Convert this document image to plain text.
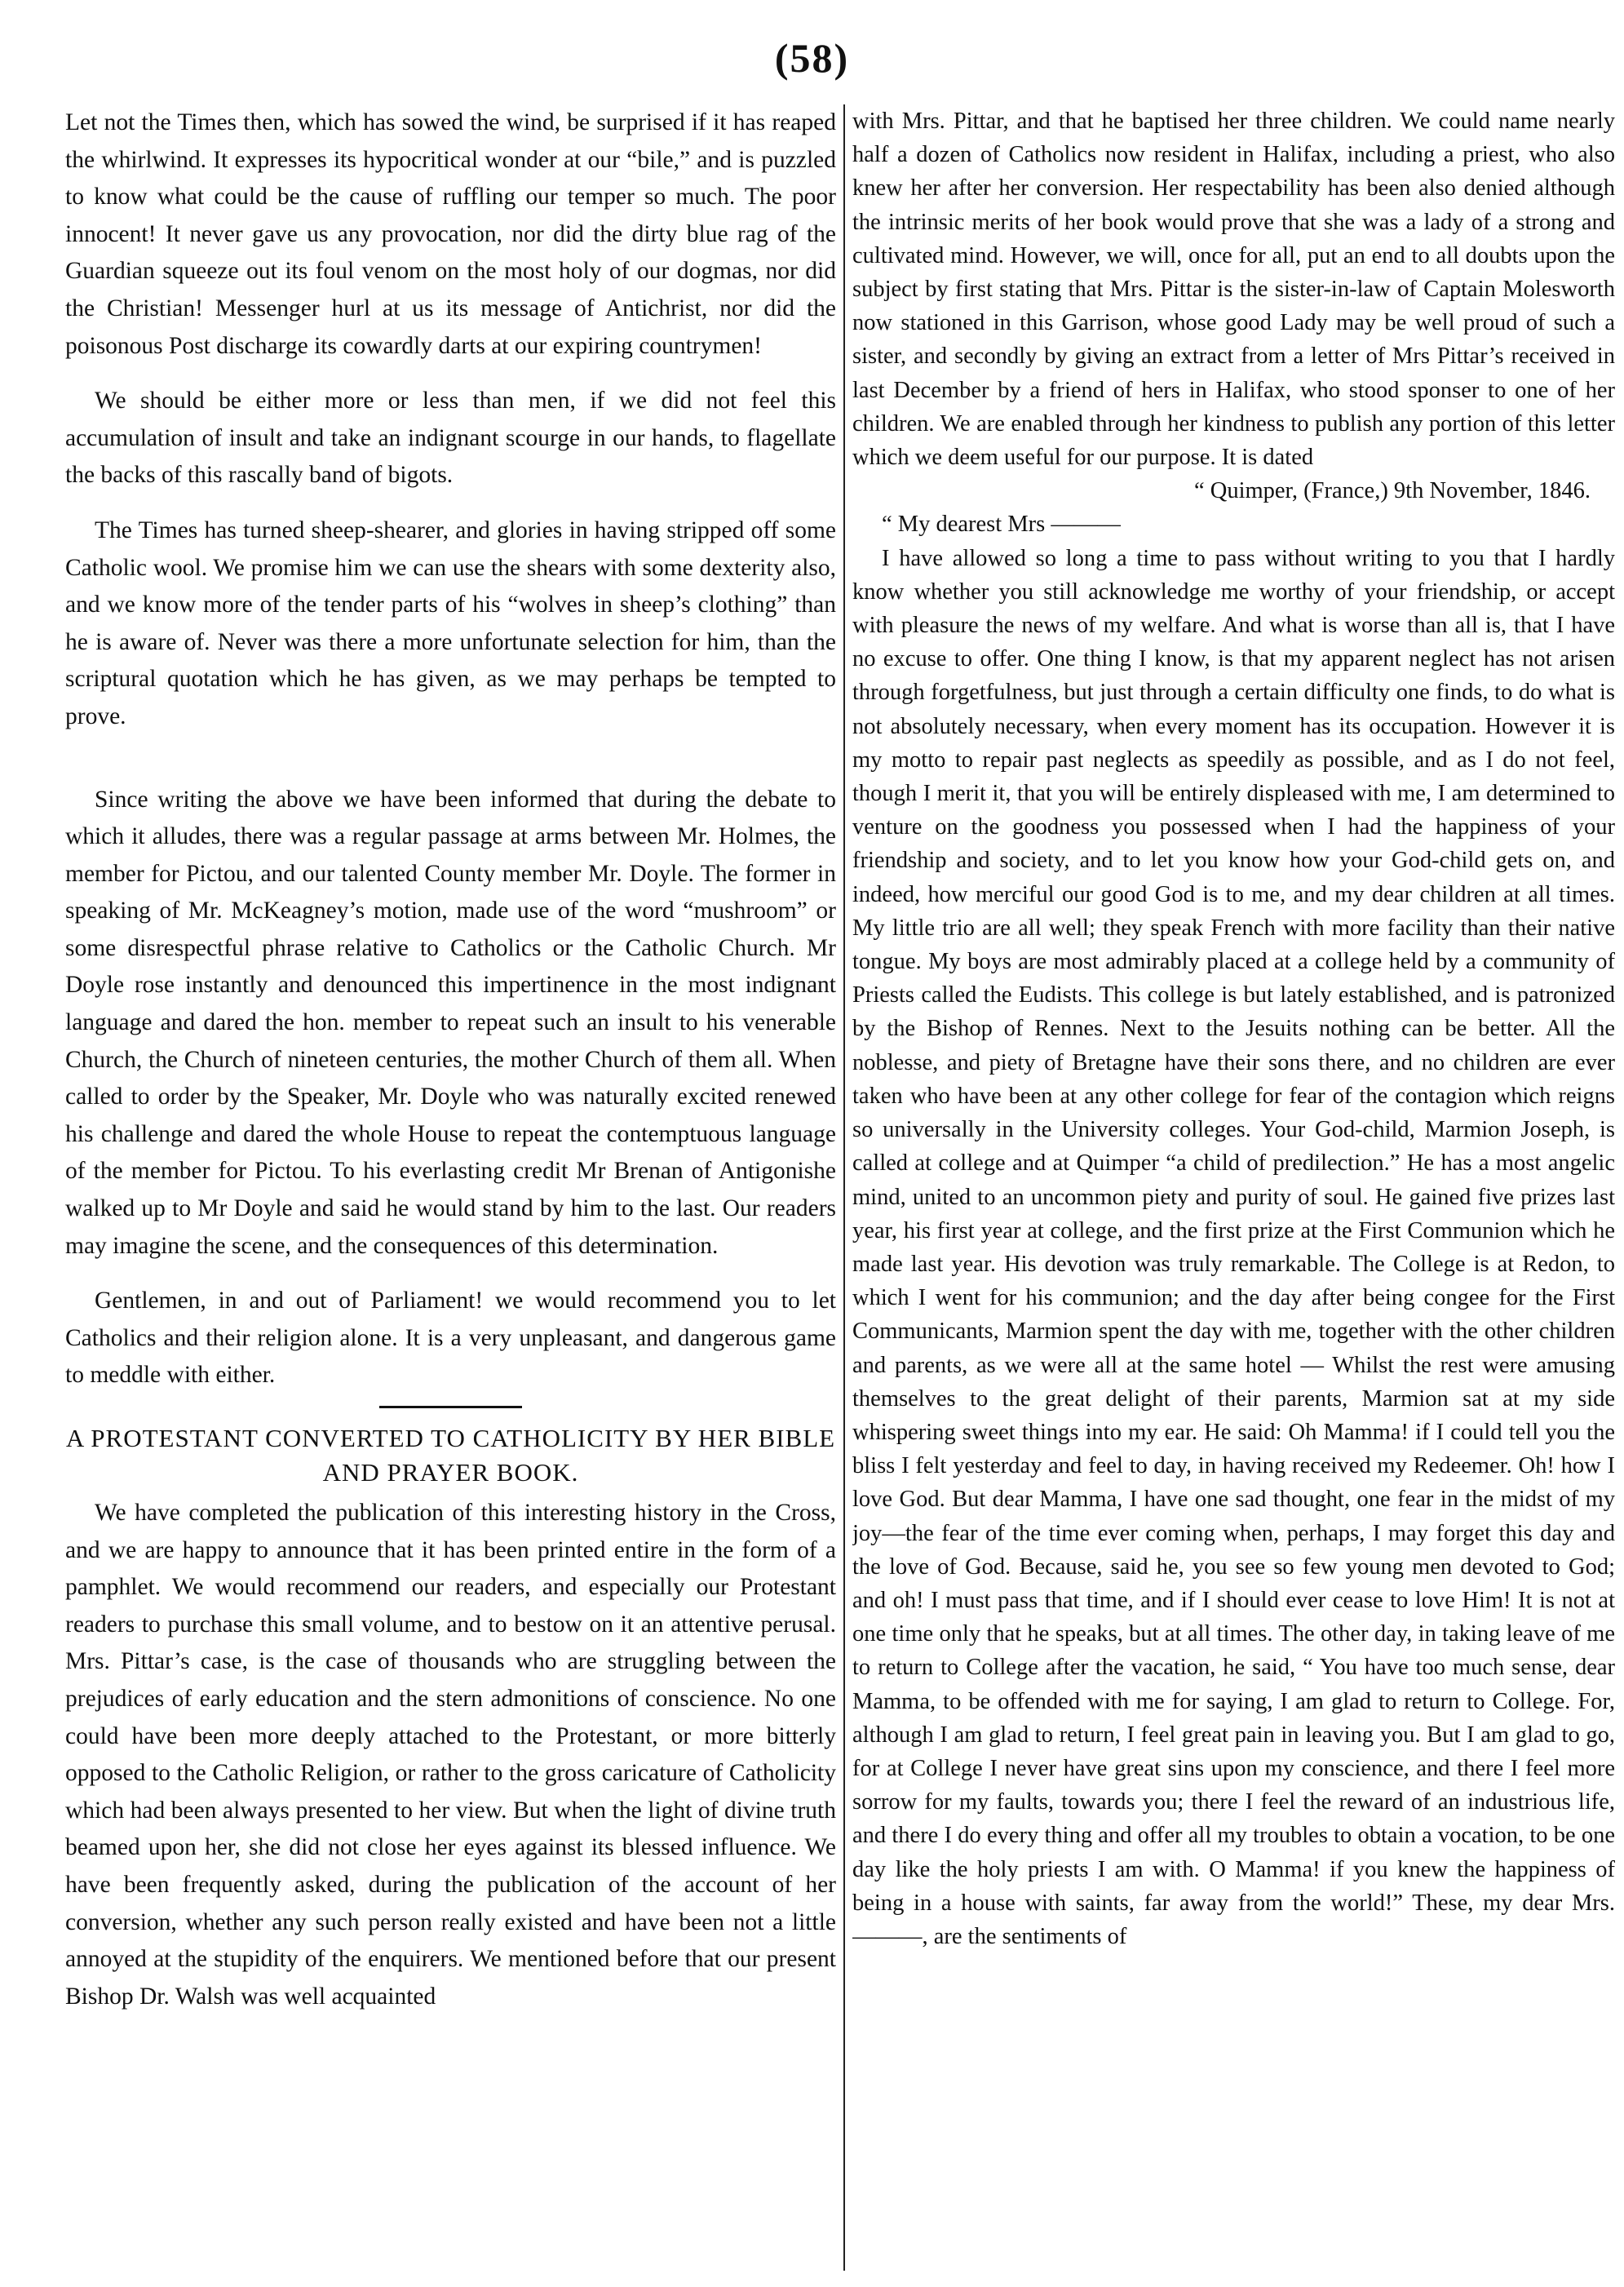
(58)

Let not the Times then, which has sowed the wind, be surprised if it has reaped the whirlwind. It expresses its hypocritical wonder at our “bile,” and is puzzled to know what could be the cause of ruffling our temper so much. The poor innocent! It never gave us any provocation, nor did the dirty blue rag of the Guardian squeeze out its foul venom on the most holy of our dogmas, nor did the Christian! Messenger hurl at us its message of Antichrist, nor did the poisonous Post discharge its cowardly darts at our expiring countrymen!

We should be either more or less than men, if we did not feel this accumulation of insult and take an indignant scourge in our hands, to flagellate the backs of this rascally band of bigots.

The Times has turned sheep-shearer, and glories in having stripped off some Catholic wool. We promise him we can use the shears with some dexterity also, and we know more of the tender parts of his “wolves in sheep’s clothing” than he is aware of. Never was there a more unfortunate selection for him, than the scriptural quotation which he has given, as we may perhaps be tempted to prove.

Since writing the above we have been informed that during the debate to which it alludes, there was a regular passage at arms between Mr. Holmes, the member for Pictou, and our talented County member Mr. Doyle. The former in speaking of Mr. McKeagney’s motion, made use of the word “mushroom” or some disrespectful phrase relative to Catholics or the Catholic Church. Mr Doyle rose instantly and denounced this impertinence in the most indignant language and dared the hon. member to repeat such an insult to his venerable Church, the Church of nineteen centuries, the mother Church of them all. When called to order by the Speaker, Mr. Doyle who was naturally excited renewed his challenge and dared the whole House to repeat the contemptuous language of the member for Pictou. To his everlasting credit Mr Brenan of Antigonishe walked up to Mr Doyle and said he would stand by him to the last. Our readers may imagine the scene, and the consequences of this determination.

Gentlemen, in and out of Parliament! we would recommend you to let Catholics and their religion alone. It is a very unpleasant, and dangerous game to meddle with either.

A PROTESTANT CONVERTED TO CATHOLICITY BY HER BIBLE AND PRAYER BOOK.

We have completed the publication of this interesting history in the Cross, and we are happy to announce that it has been printed entire in the form of a pamphlet. We would recommend our readers, and especially our Protestant readers to purchase this small volume, and to bestow on it an attentive perusal. Mrs. Pittar’s case, is the case of thousands who are struggling between the prejudices of early education and the stern admonitions of conscience. No one could have been more deeply attached to the Protestant, or more bitterly opposed to the Catholic Religion, or rather to the gross caricature of Catholicity which had been always presented to her view. But when the light of divine truth beamed upon her, she did not close her eyes against its blessed influence. We have been frequently asked, during the publication of the account of her conversion, whether any such person really existed and have been not a little annoyed at the stupidity of the enquirers. We mentioned before that our present Bishop Dr. Walsh was well acquainted

with Mrs. Pittar, and that he baptised her three children. We could name nearly half a dozen of Catholics now resident in Halifax, including a priest, who also knew her after her conversion. Her respectability has been also denied although the intrinsic merits of her book would prove that she was a lady of a strong and cultivated mind. However, we will, once for all, put an end to all doubts upon the subject by first stating that Mrs. Pittar is the sister-in-law of Captain Molesworth now stationed in this Garrison, whose good Lady may be well proud of such a sister, and secondly by giving an extract from a letter of Mrs Pittar’s received in last December by a friend of hers in Halifax, who stood sponser to one of her children. We are enabled through her kindness to publish any portion of this letter which we deem useful for our purpose. It is dated

“ Quimper, (France,) 9th November, 1846.

“ My dearest Mrs ———

I have allowed so long a time to pass without writing to you that I hardly know whether you still acknowledge me worthy of your friendship, or accept with pleasure the news of my welfare. And what is worse than all is, that I have no excuse to offer. One thing I know, is that my apparent neglect has not arisen through forgetfulness, but just through a certain difficulty one finds, to do what is not absolutely necessary, when every moment has its occupation. However it is my motto to repair past neglects as speedily as possible, and as I do not feel, though I merit it, that you will be entirely displeased with me, I am determined to venture on the goodness you possessed when I had the happiness of your friendship and society, and to let you know how your God-child gets on, and indeed, how merciful our good God is to me, and my dear children at all times. My little trio are all well; they speak French with more facility than their native tongue. My boys are most admirably placed at a college held by a community of Priests called the Eudists. This college is but lately established, and is patronized by the Bishop of Rennes. Next to the Jesuits nothing can be better. All the noblesse, and piety of Bretagne have their sons there, and no children are ever taken who have been at any other college for fear of the contagion which reigns so universally in the University colleges. Your God-child, Marmion Joseph, is called at college and at Quimper “a child of predilection.” He has a most angelic mind, united to an uncommon piety and purity of soul. He gained five prizes last year, his first year at college, and the first prize at the First Communion which he made last year. His devotion was truly remarkable. The College is at Redon, to which I went for his communion; and the day after being congee for the First Communicants, Marmion spent the day with me, together with the other children and parents, as we were all at the same hotel — Whilst the rest were amusing themselves to the great delight of their parents, Marmion sat at my side whispering sweet things into my ear. He said: Oh Mamma! if I could tell you the bliss I felt yesterday and feel to day, in having received my Redeemer. Oh! how I love God. But dear Mamma, I have one sad thought, one fear in the midst of my joy—the fear of the time ever coming when, perhaps, I may forget this day and the love of God. Because, said he, you see so few young men devoted to God; and oh! I must pass that time, and if I should ever cease to love Him! It is not at one time only that he speaks, but at all times. The other day, in taking leave of me to return to College after the vacation, he said, “ You have too much sense, dear Mamma, to be offended with me for saying, I am glad to return to College. For, although I am glad to return, I feel great pain in leaving you. But I am glad to go, for at College I never have great sins upon my conscience, and there I feel more sorrow for my faults, towards you; there I feel the reward of an industrious life, and there I do every thing and offer all my troubles to obtain a vocation, to be one day like the holy priests I am with. O Mamma! if you knew the happiness of being in a house with saints, far away from the world!” These, my dear Mrs. ———, are the sentiments of
